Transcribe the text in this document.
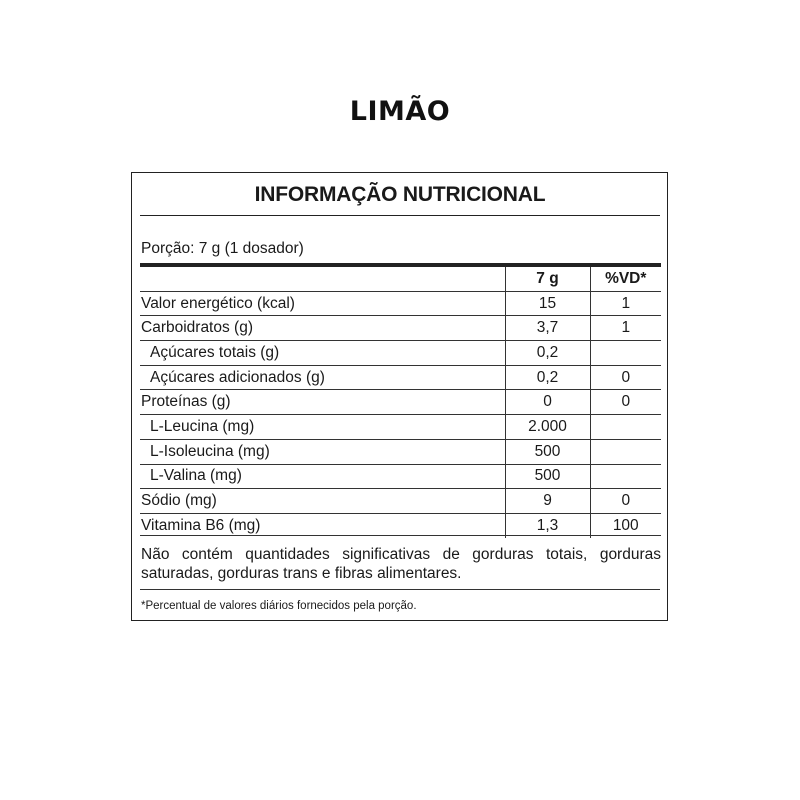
LIMÃO
INFORMAÇÃO NUTRICIONAL
Porção: 7 g (1 dosador)
	7 g	%VD*
Valor energético (kcal)	15	1
Carboidratos (g)	3,7	1
Açúcares totais (g)	0,2	
Açúcares adicionados (g)	0,2	0
Proteínas (g)	0	0
L-Leucina (mg)	2.000	
L-Isoleucina (mg)	500	
L-Valina (mg)	500	
Sódio (mg)	9	0
Vitamina B6 (mg)	1,3	100
Não contém quantidades significativas de gorduras totais, gorduras saturadas, gorduras trans e fibras alimentares.
*Percentual de valores diários fornecidos pela porção.
